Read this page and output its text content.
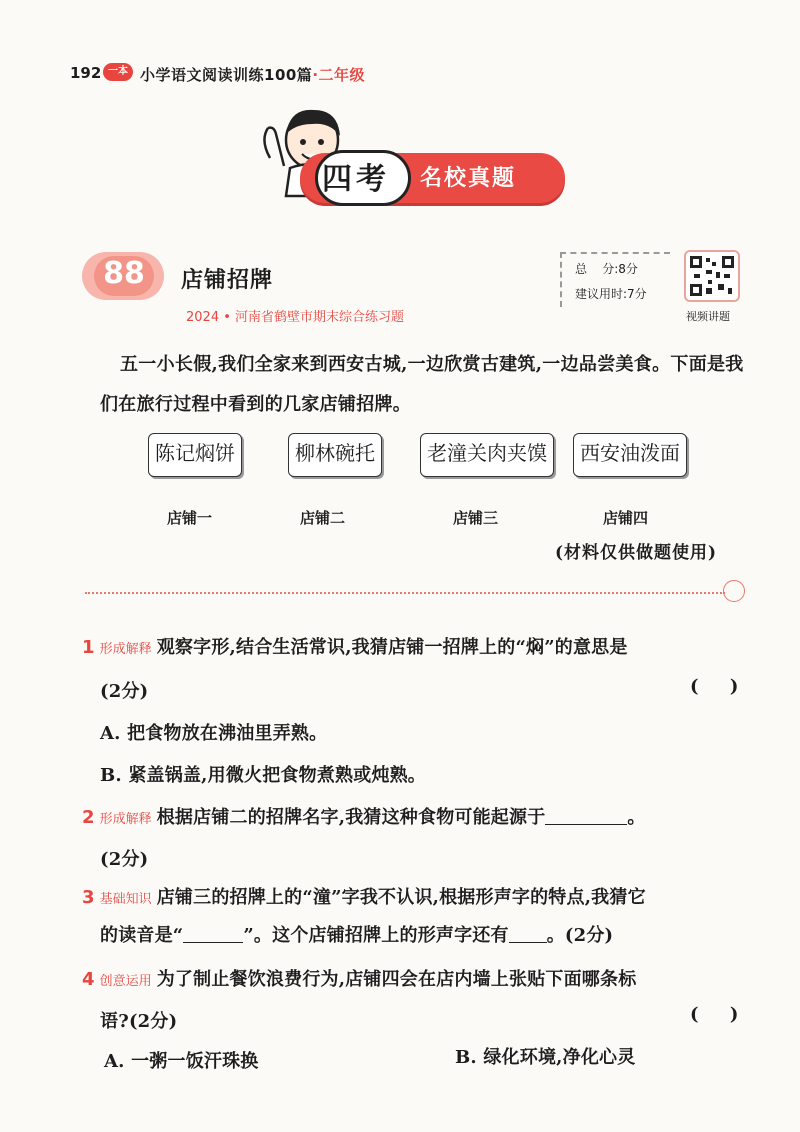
192 一本 小学语文阅读训练100篇·二年级
四考 名校真题
88 店铺招牌
2024 • 河南省鹤壁市期末综合练习题
总    分:8分
建议用时:7分
视频讲题
五一小长假,我们全家来到西安古城,一边欣赏古建筑,一边品尝美食。下面是我们在旅行过程中看到的几家店铺招牌。
陈记焖饼	柳林碗托	老潼关肉夹馍	西安油泼面
店铺一	店铺二	店铺三	店铺四
(材料仅供做题使用)
1 形成解释 观察字形,结合生活常识,我猜店铺一招牌上的“焖”的意思是
(2分)	(     )
A. 把食物放在沸油里弄熟。
B. 紧盖锅盖,用微火把食物煮熟或炖熟。
2 形成解释 根据店铺二的招牌名字,我猜这种食物可能起源于	。
(2分)
3 基础知识 店铺三的招牌上的“潼”字我不认识,根据形声字的特点,我猜它
的读音是“	”。这个店铺招牌上的形声字还有 。(2分)
4 创意运用 为了制止餐饮浪费行为,店铺四会在店内墙上张贴下面哪条标
语?(2分)	(     )
A. 一粥一饭汗珠换	B. 绿化环境,净化心灵
